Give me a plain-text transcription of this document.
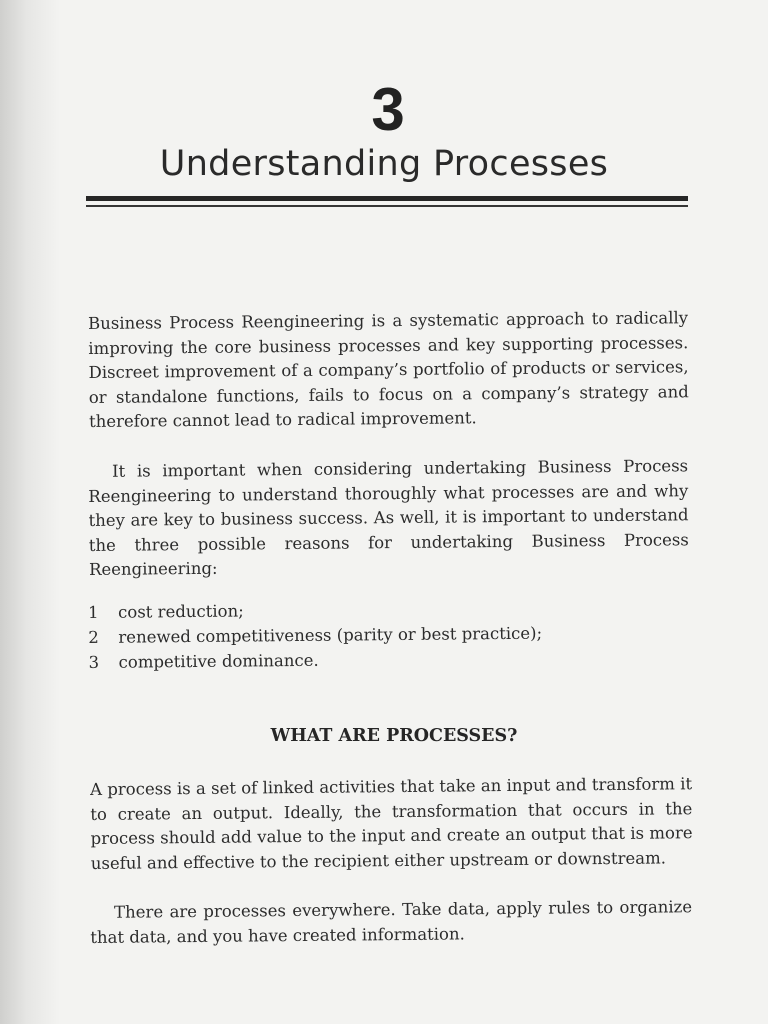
3
Understanding Processes

Business Process Reengineering is a systematic approach to radically improving the core business processes and key supporting processes. Discreet improvement of a company’s portfolio of products or services, or standalone functions, fails to focus on a company’s strategy and therefore cannot lead to radical improvement.

It is important when considering undertaking Business Process Reengineering to understand thoroughly what processes are and why they are key to business success. As well, it is important to understand the three possible reasons for undertaking Business Process Reengineering:

1	cost reduction;
2	renewed competitiveness (parity or best practice);
3	competitive dominance.
WHAT ARE PROCESSES?

A process is a set of linked activities that take an input and transform it to create an output. Ideally, the transformation that occurs in the process should add value to the input and create an output that is more useful and effective to the recipient either upstream or downstream.

There are processes everywhere. Take data, apply rules to organize that data, and you have created information.
